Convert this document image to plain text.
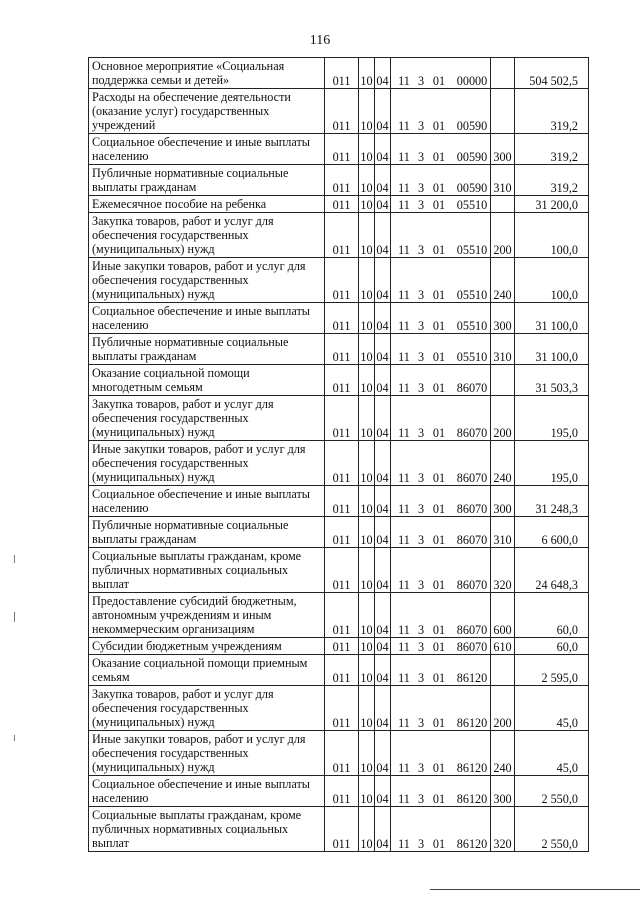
116
Основное мероприятие «Социальная поддержка семьи и детей»	011	10	04	11 3 01 00000		504 502,5
Расходы на обеспечение деятельности (оказание услуг) государственных учреждений	011	10	04	11 3 01 00590		319,2
Социальное обеспечение и иные выплаты населению	011	10	04	11 3 01 00590	300	319,2
Публичные нормативные социальные выплаты гражданам	011	10	04	11 3 01 00590	310	319,2
Ежемесячное пособие на ребенка	011	10	04	11 3 01 05510		31 200,0
Закупка товаров, работ и услуг для обеспечения государственных (муниципальных) нужд	011	10	04	11 3 01 05510	200	100,0
Иные закупки товаров, работ и услуг для обеспечения государственных (муниципальных) нужд	011	10	04	11 3 01 05510	240	100,0
Социальное обеспечение и иные выплаты населению	011	10	04	11 3 01 05510	300	31 100,0
Публичные нормативные социальные выплаты гражданам	011	10	04	11 3 01 05510	310	31 100,0
Оказание социальной помощи многодетным семьям	011	10	04	11 3 01 86070		31 503,3
Закупка товаров, работ и услуг для обеспечения государственных (муниципальных) нужд	011	10	04	11 3 01 86070	200	195,0
Иные закупки товаров, работ и услуг для обеспечения государственных (муниципальных) нужд	011	10	04	11 3 01 86070	240	195,0
Социальное обеспечение и иные выплаты населению	011	10	04	11 3 01 86070	300	31 248,3
Публичные нормативные социальные выплаты гражданам	011	10	04	11 3 01 86070	310	6 600,0
Социальные выплаты гражданам, кроме публичных нормативных социальных выплат	011	10	04	11 3 01 86070	320	24 648,3
Предоставление субсидий бюджетным, автономным учреждениям и иным некоммерческим организациям	011	10	04	11 3 01 86070	600	60,0
Субсидии бюджетным учреждениям	011	10	04	11 3 01 86070	610	60,0
Оказание социальной помощи приемным семьям	011	10	04	11 3 01 86120		2 595,0
Закупка товаров, работ и услуг для обеспечения государственных (муниципальных) нужд	011	10	04	11 3 01 86120	200	45,0
Иные закупки товаров, работ и услуг для обеспечения государственных (муниципальных) нужд	011	10	04	11 3 01 86120	240	45,0
Социальное обеспечение и иные выплаты населению	011	10	04	11 3 01 86120	300	2 550,0
Социальные выплаты гражданам, кроме публичных нормативных социальных выплат	011	10	04	11 3 01 86120	320	2 550,0
